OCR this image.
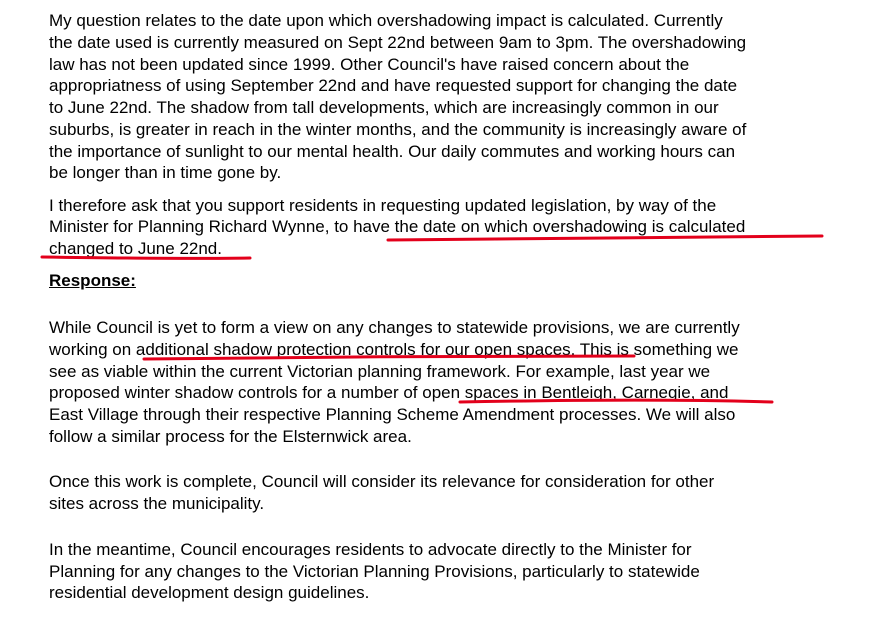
My question relates to the date upon which overshadowing impact is calculated. Currently
the date used is currently measured on Sept 22nd between 9am to 3pm. The overshadowing
law has not been updated since 1999. Other Council's have raised concern about the
appropriatness of using September 22nd and have requested support for changing the date
to June 22nd. The shadow from tall developments, which are increasingly common in our
suburbs, is greater in reach in the winter months, and the community is increasingly aware of
the importance of sunlight to our mental health. Our daily commutes and working hours can
be longer than in time gone by.
I therefore ask that you support residents in requesting updated legislation, by way of the
Minister for Planning Richard Wynne, to have the date on which overshadowing is calculated
changed to June 22nd.
Response:
While Council is yet to form a view on any changes to statewide provisions, we are currently
working on additional shadow protection controls for our open spaces. This is something we
see as viable within the current Victorian planning framework. For example, last year we
proposed winter shadow controls for a number of open spaces in Bentleigh, Carnegie, and
East Village through their respective Planning Scheme Amendment processes. We will also
follow a similar process for the Elsternwick area.
Once this work is complete, Council will consider its relevance for consideration for other
sites across the municipality.
In the meantime, Council encourages residents to advocate directly to the Minister for
Planning for any changes to the Victorian Planning Provisions, particularly to statewide
residential development design guidelines.
